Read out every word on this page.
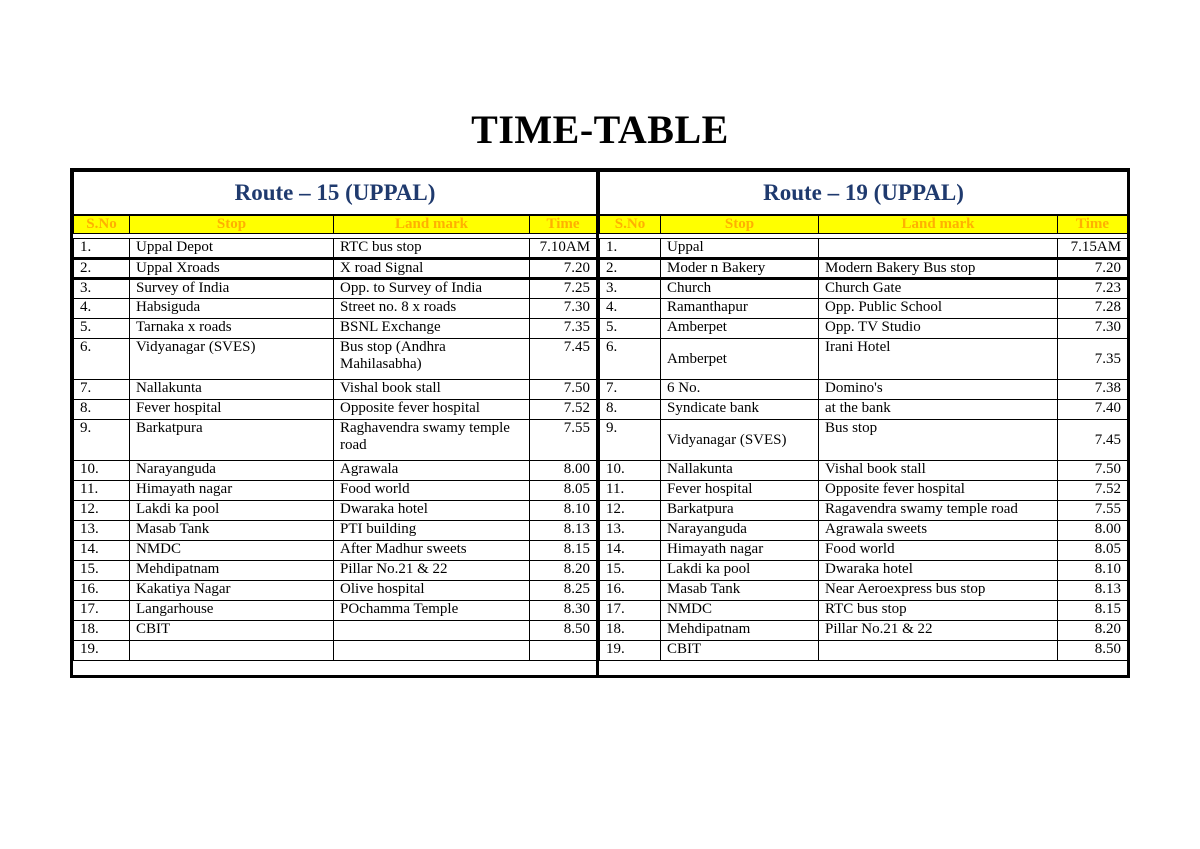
TIME-TABLE
Route – 15 (UPPAL)			
S.No	Stop	Land mark	Time

1.	Uppal Depot	RTC bus stop	7.10AM
2.	Uppal Xroads	X road Signal	7.20
3.	Survey of India	Opp. to Survey of India	7.25
4.	Habsiguda	Street no. 8 x roads	7.30
5.	Tarnaka x roads	BSNL Exchange	7.35
6.	Vidyanagar (SVES)	Bus stop (Andhra Mahilasabha)	7.45
7.	Nallakunta	Vishal book stall	7.50
8.	Fever hospital	Opposite fever hospital	7.52
9.	Barkatpura	Raghavendra swamy temple road	7.55
10.	Narayanguda	Agrawala	8.00
11.	Himayath nagar	Food world	8.05
12.	Lakdi ka pool	Dwaraka hotel	8.10
13.	Masab Tank	PTI building	8.13
14.	NMDC	After Madhur sweets	8.15
15.	Mehdipatnam	Pillar No.21 & 22	8.20
16.	Kakatiya Nagar	Olive hospital	8.25
17.	Langarhouse	POchamma Temple	8.30
18.	CBIT		8.50
19.			
Route – 19 (UPPAL)			
S.No	Stop	Land mark	Time

1.	Uppal		7.15AM
2.	Moder n Bakery	Modern Bakery Bus stop	7.20
3.	Church	Church Gate	7.23
4.	Ramanthapur	Opp. Public School	7.28
5.	Amberpet	Opp. TV Studio	7.30
6.	Amberpet	Irani Hotel	7.35
7.	6 No.	Domino's	7.38
8.	Syndicate bank	at the bank	7.40
9.	Vidyanagar (SVES)	Bus stop	7.45
10.	Nallakunta	Vishal book stall	7.50
11.	Fever hospital	Opposite fever hospital	7.52
12.	Barkatpura	Ragavendra swamy temple road	7.55
13.	Narayanguda	Agrawala sweets	8.00
14.	Himayath nagar	Food world	8.05
15.	Lakdi ka pool	Dwaraka hotel	8.10
16.	Masab Tank	Near Aeroexpress bus stop	8.13
17.	NMDC	RTC bus stop	8.15
18.	Mehdipatnam	Pillar No.21 & 22	8.20
19.	CBIT		8.50
